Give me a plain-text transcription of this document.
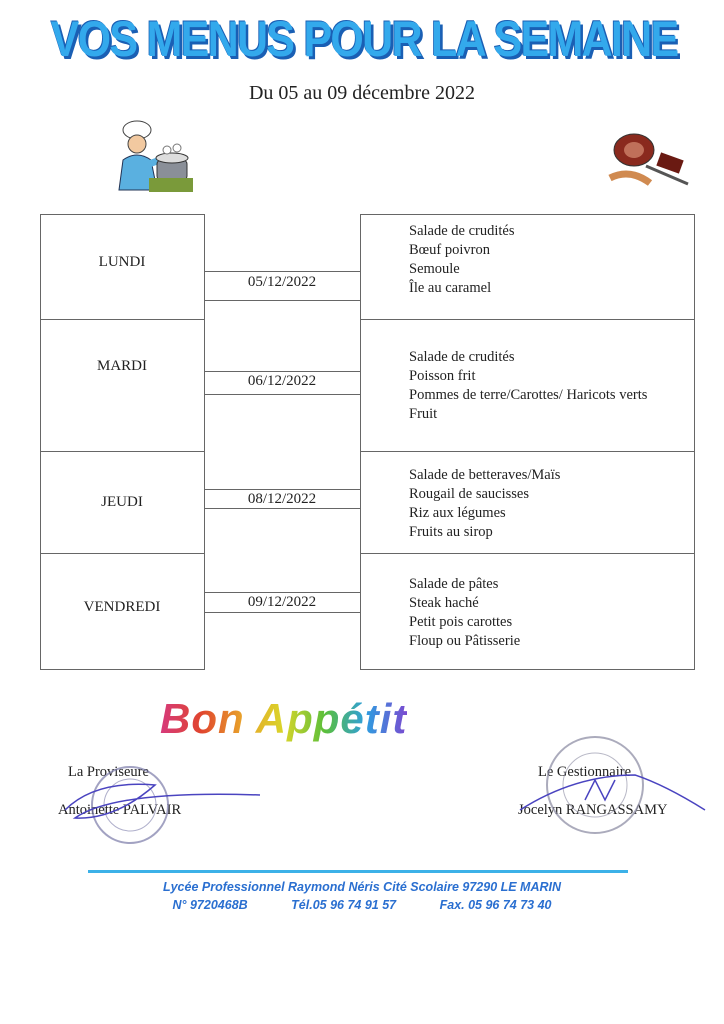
VOS MENUS POUR LA SEMAINE
Du 05 au 09 décembre 2022
LUNDI
MARDI
JEUDI
VENDREDI
05/12/2022
06/12/2022
08/12/2022
09/12/2022
Salade de crudités
Bœuf poivron
Semoule
Île au caramel
Salade de crudités
Poisson frit
Pommes de terre/Carottes/ Haricots verts
Fruit
Salade de betteraves/Maïs
Rougail de saucisses
Riz aux légumes
Fruits au sirop
Salade de pâtes
Steak haché
Petit pois carottes
Floup ou Pâtisserie
Bon Appétit
La Proviseure
Antoinette PALVAIR
Le Gestionnaire
Jocelyn RANGASSAMY
Lycée Professionnel Raymond Néris Cité Scolaire 97290 LE MARIN
N° 9720468B	Tél.05 96 74 91 57	Fax. 05 96 74 73 40
